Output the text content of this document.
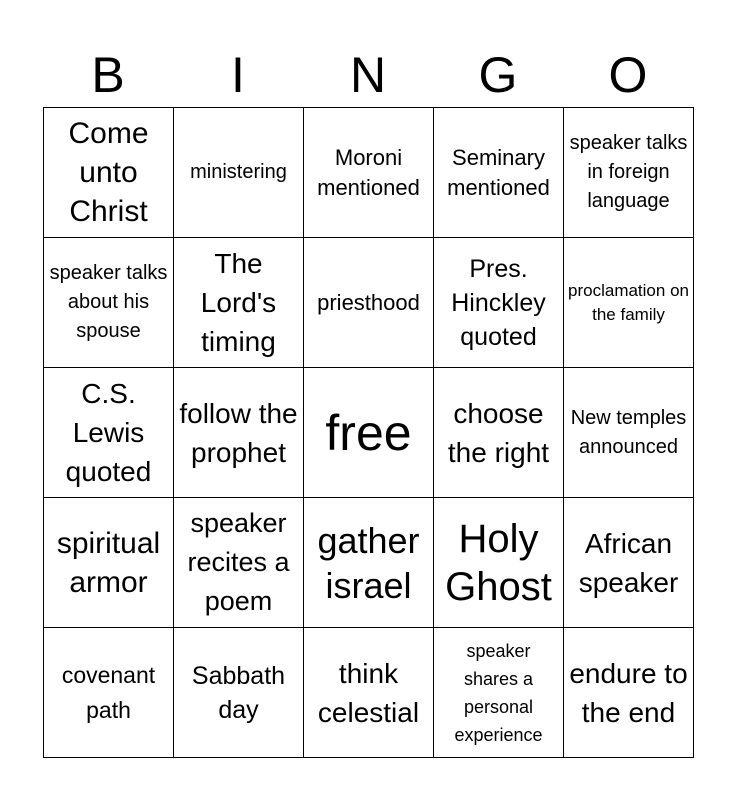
B	I	N	G	O
Come unto Christ	ministering	Moroni mentioned	Seminary mentioned	speaker talks in foreign language

speaker talks about his spouse	The Lord's timing	priesthood	Pres. Hinckley quoted	proclamation on the family

C.S. Lewis quoted	follow the prophet	free	choose the right	New temples announced

spiritual armor	speaker recites a poem	gather israel	Holy Ghost	African speaker

covenant path	Sabbath day	think celestial	speaker shares a personal experience	endure to the end
